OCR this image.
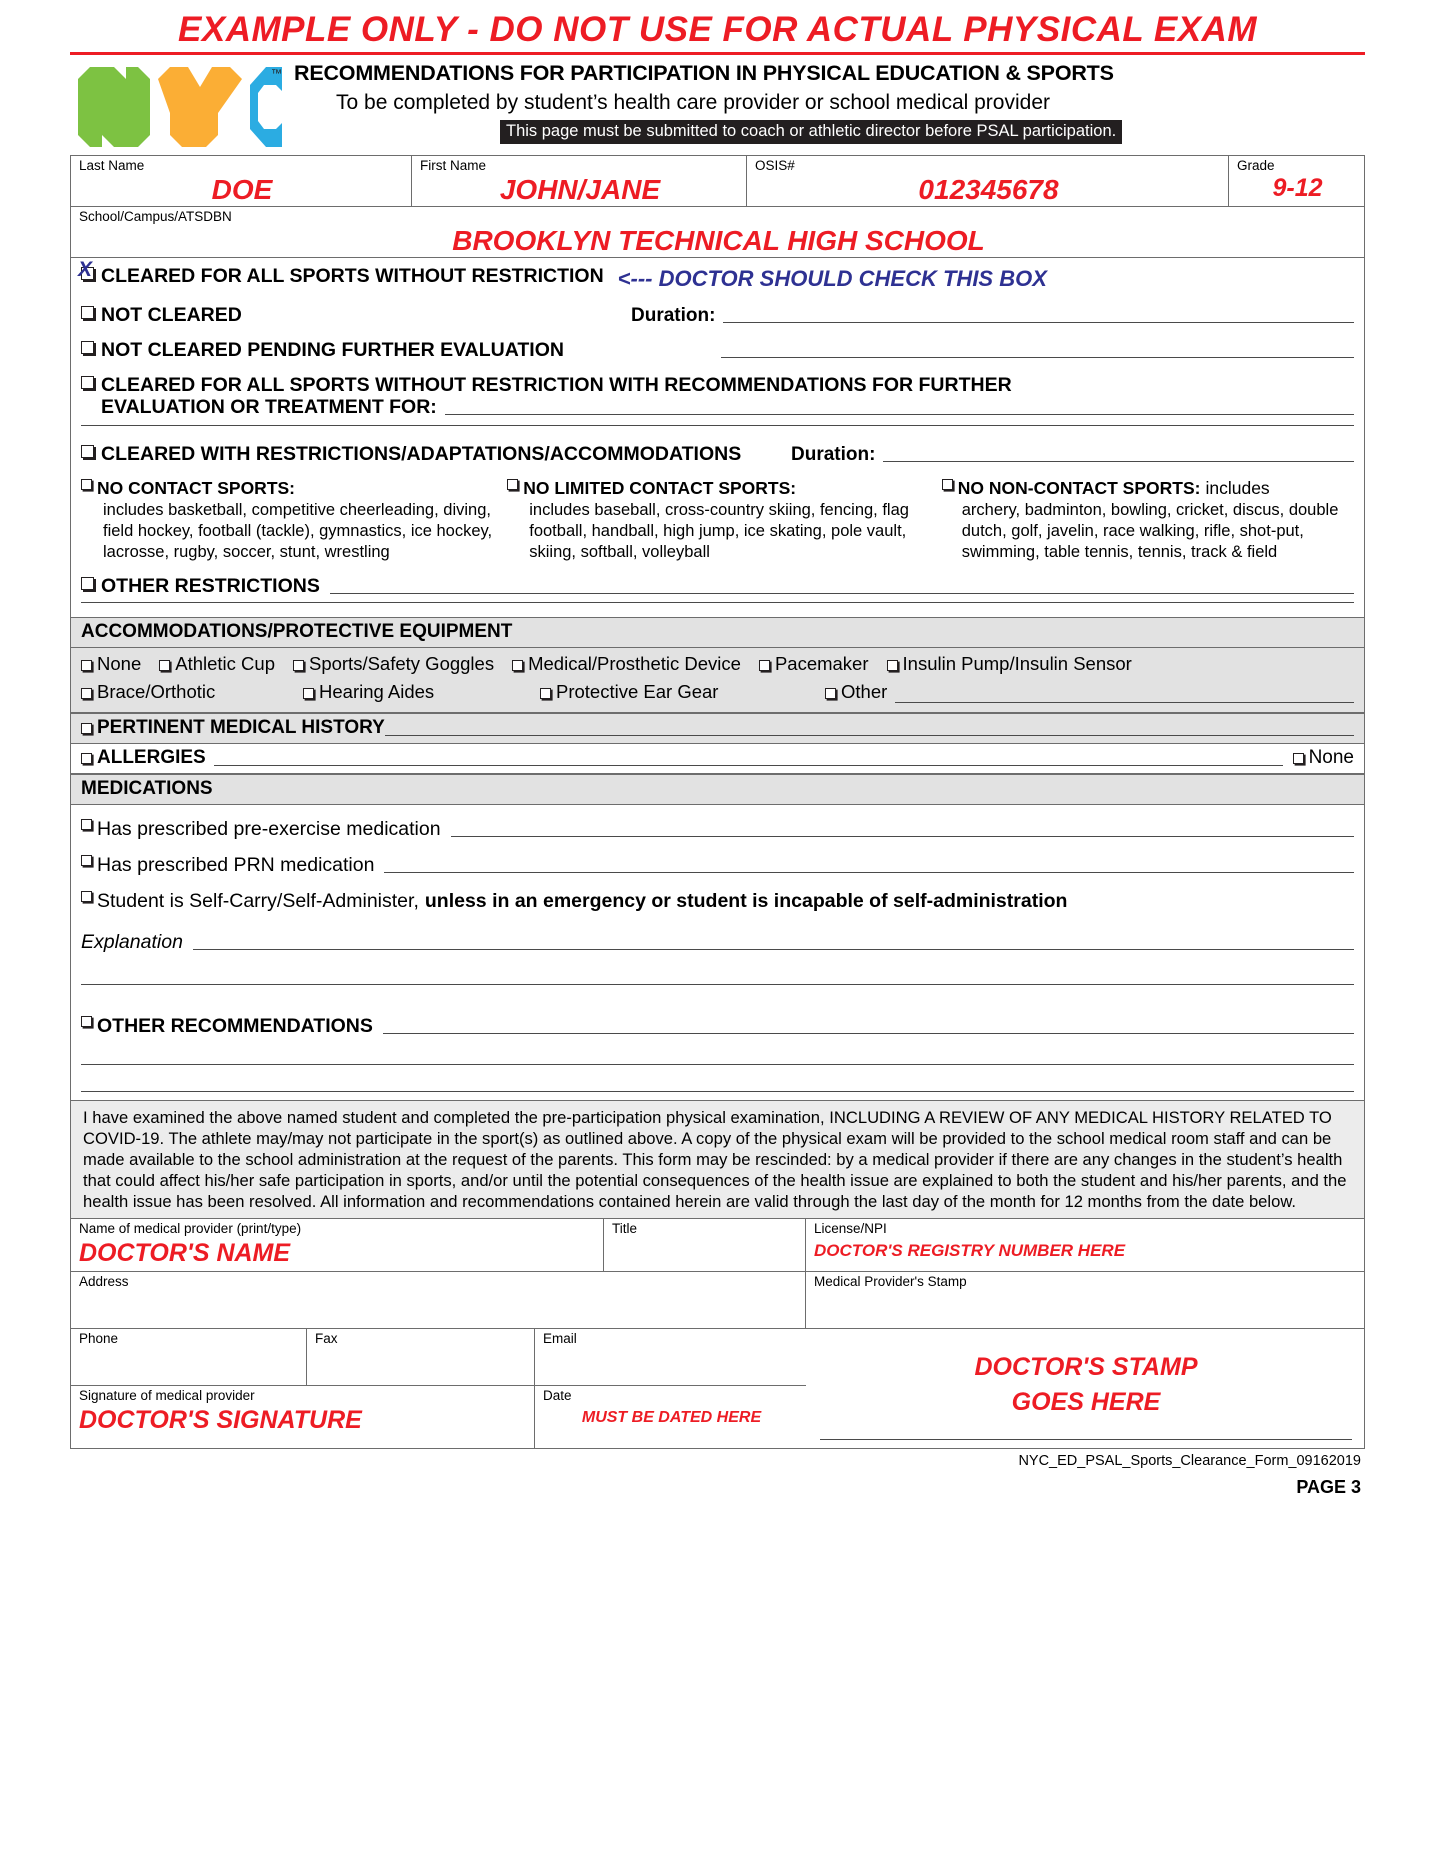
EXAMPLE ONLY - DO NOT USE FOR ACTUAL PHYSICAL EXAM
™ RECOMMENDATIONS FOR PARTICIPATION IN PHYSICAL EDUCATION & SPORTS
To be completed by student’s health care provider or school medical provider
This page must be submitted to coach or athletic director before PSAL participation.
Last Name
DOE
First Name
JOHN/JANE
OSIS#
012345678
Grade
9-12
School/Campus/ATSDBN
BROOKLYN TECHNICAL HIGH SCHOOL
X
CLEARED FOR ALL SPORTS WITHOUT RESTRICTION <--- DOCTOR SHOULD CHECK THIS BOX
NOT CLEARED	Duration:
NOT CLEARED PENDING FURTHER EVALUATION
CLEARED FOR ALL SPORTS WITHOUT RESTRICTION WITH RECOMMENDATIONS FOR FURTHER
EVALUATION OR TREATMENT FOR:
CLEARED WITH RESTRICTIONS/ADAPTATIONS/ACCOMMODATIONS	Duration:
NO CONTACT SPORTS:
includes basketball, competitive cheerleading, diving, field hockey, football (tackle), gymnastics, ice hockey, lacrosse, rugby, soccer, stunt, wrestling
NO LIMITED CONTACT SPORTS:
includes baseball, cross-country skiing, fencing, flag football, handball, high jump, ice skating, pole vault, skiing, softball, volleyball
NO NON-CONTACT SPORTS: includes
archery, badminton, bowling, cricket, discus, double dutch, golf, javelin, race walking, rifle, shot-put, swimming, table tennis, tennis, track & field
OTHER RESTRICTIONS
ACCOMMODATIONS/PROTECTIVE EQUIPMENT
None Athletic Cup Sports/Safety Goggles Medical/Prosthetic Device Pacemaker Insulin Pump/Insulin Sensor
Brace/Orthotic	Hearing Aides	Protective Ear Gear	Other
PERTINENT MEDICAL HISTORY
ALLERGIES	None
MEDICATIONS
Has prescribed pre-exercise medication
Has prescribed PRN medication
Student is Self-Carry/Self-Administer, unless in an emergency or student is incapable of self-administration
Explanation
OTHER RECOMMENDATIONS
I have examined the above named student and completed the pre-participation physical examination, INCLUDING A REVIEW OF ANY MEDICAL HISTORY RELATED TO COVID-19. The athlete may/may not participate in the sport(s) as outlined above. A copy of the physical exam will be provided to the school medical room staff and can be made available to the school administration at the request of the parents. This form may be rescinded: by a medical provider if there are any changes in the student’s health that could affect his/her safe participation in sports, and/or until the potential consequences of the health issue are explained to both the student and his/her parents, and the health issue has been resolved. All information and recommendations contained herein are valid through the last day of the month for 12 months from the date below.
Name of medical provider (print/type)
DOCTOR'S NAME
Title	License/NPI
DOCTOR'S REGISTRY NUMBER HERE
Address	Medical Provider's Stamp
Phone	Fax	Email
Signature of medical provider
DOCTOR'S SIGNATURE
Date
MUST BE DATED HERE
DOCTOR'S STAMP
GOES HERE
NYC_ED_PSAL_Sports_Clearance_Form_09162019
PAGE 3
